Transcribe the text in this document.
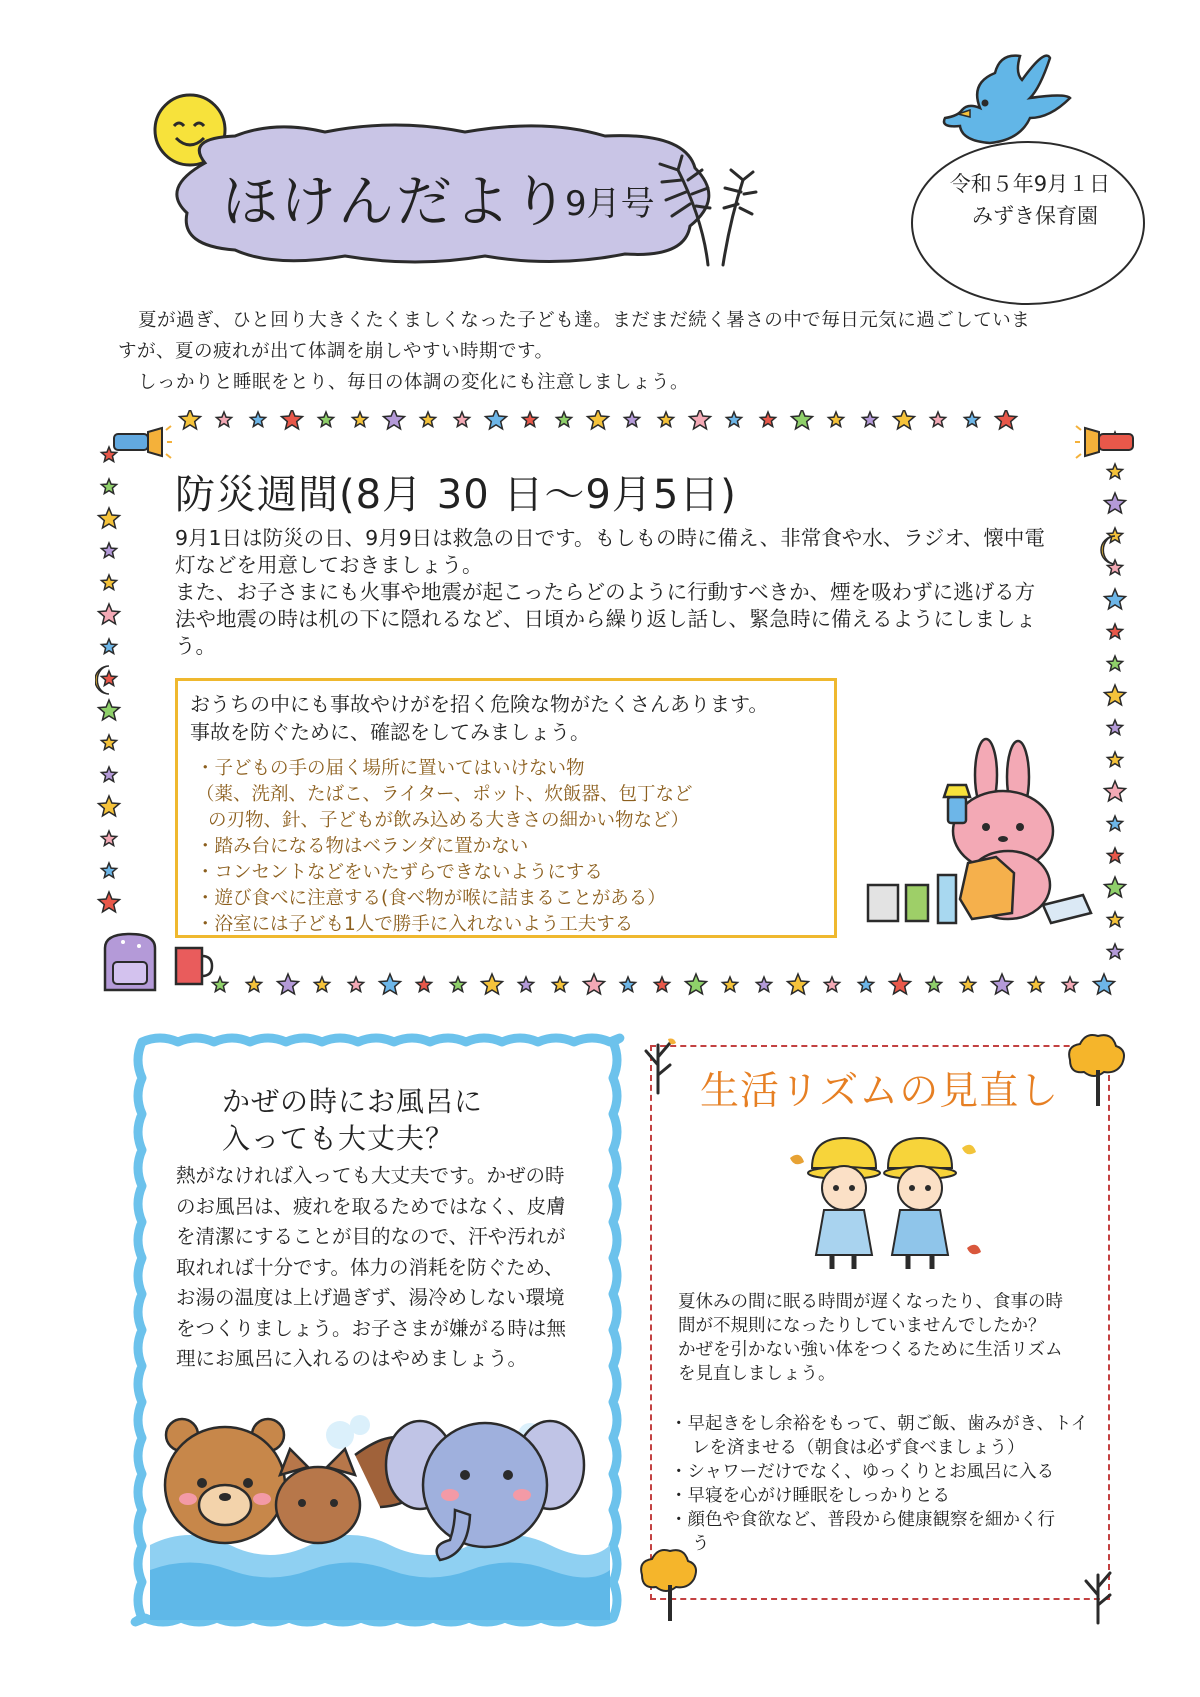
ほけんだより
9月号	令和５年9月１日
みずき保育園
夏が過ぎ、ひと回り大きくたくましくなった子ども達。まだまだ続く暑さの中で毎日元気に過ごしていま
すが、夏の疲れが出て体調を崩しやすい時期です。
しっかりと睡眠をとり、毎日の体調の変化にも注意しましょう。
防災週間(8月 30 日～9月5日)
9月1日は防災の日、9月9日は救急の日です。もしもの時に備え、非常食や水、ラジオ、懐中電
灯などを用意しておきましょう。
また、お子さまにも火事や地震が起こったらどのように行動すべきか、煙を吸わずに逃げる方
法や地震の時は机の下に隠れるなど、日頃から繰り返し話し、緊急時に備えるようにしましょ
う。
おうちの中にも事故やけがを招く危険な物がたくさんあります。
事故を防ぐために、確認をしてみましょう。
・子どもの手の届く場所に置いてはいけない物
（薬、洗剤、たばこ、ライター、ポット、炊飯器、包丁など
の刃物、針、子どもが飲み込める大きさの細かい物など）
・踏み台になる物はベランダに置かない
・コンセントなどをいたずらできないようにする
・遊び食べに注意する(食べ物が喉に詰まることがある）
・浴室には子ども1人で勝手に入れないよう工夫する
かぜの時にお風呂に
入っても大丈夫？
熱がなければ入っても大丈夫です。かぜの時
のお風呂は、疲れを取るためではなく、皮膚
を清潔にすることが目的なので、汗や汚れが
取れれば十分です。体力の消耗を防ぐため、
お湯の温度は上げ過ぎず、湯冷めしない環境
をつくりましょう。お子さまが嫌がる時は無
理にお風呂に入れるのはやめましょう。
生活リズムの見直し
夏休みの間に眠る時間が遅くなったり、食事の時
間が不規則になったりしていませんでしたか？
かぜを引かない強い体をつくるために生活リズム
を見直しましょう。
・早起きをし余裕をもって、朝ご飯、歯みがき、トイ
レを済ませる（朝食は必ず食べましょう）
・シャワーだけでなく、ゆっくりとお風呂に入る
・早寝を心がけ睡眠をしっかりとる
・顔色や食欲など、普段から健康観察を細かく行
う
